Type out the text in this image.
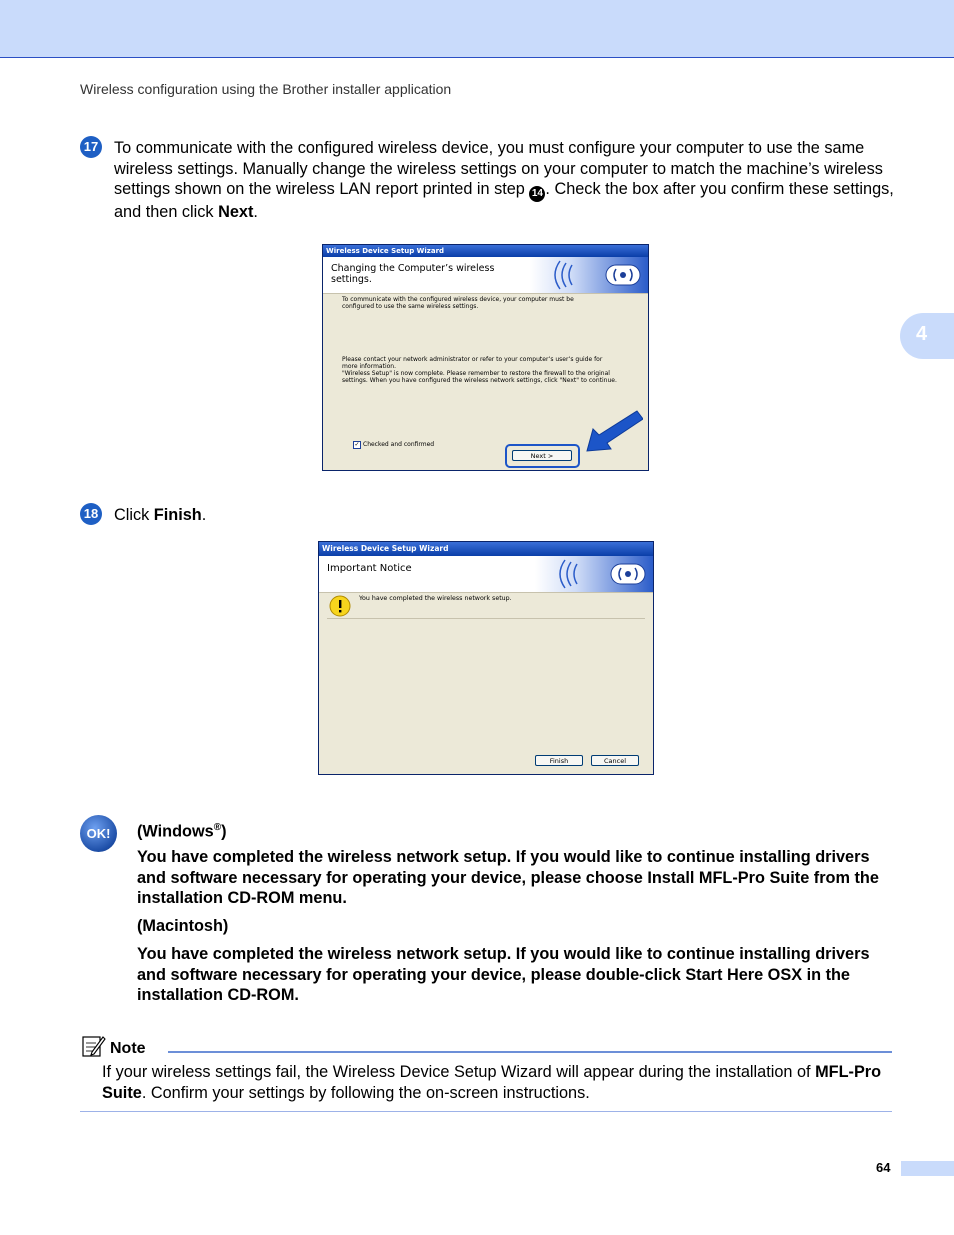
Wireless configuration using the Brother installer application
4
17 To communicate with the configured wireless device, you must configure your computer to use the same wireless settings. Manually change the wireless settings on your computer to match the machine’s wireless settings shown on the wireless LAN report printed in step 14 . Check the box after you confirm these settings, and then click Next.
Wireless Device Setup Wizard
Changing the Computer’s wireless settings.
To communicate with the configured wireless device, your computer must be configured to use the same wireless settings.
Please contact your network administrator or refer to your computer’s user’s guide for more information.
"Wireless Setup" is now complete. Please remember to restore the firewall to the original settings. When you have configured the wireless network settings, click "Next" to continue.
✓ Checked and confirmed
Next >
18 Click Finish.
Wireless Device Setup Wizard
Important Notice
You have completed the wireless network setup.
Finish	Cancel
OK!	(Windows®)
You have completed the wireless network setup. If you would like to continue installing drivers and software necessary for operating your device, please choose Install MFL-Pro Suite from the installation CD-ROM menu.
(Macintosh)
You have completed the wireless network setup. If you would like to continue installing drivers and software necessary for operating your device, please double-click Start Here OSX in the installation CD-ROM.
Note
If your wireless settings fail, the Wireless Device Setup Wizard will appear during the installation of MFL-Pro Suite. Confirm your settings by following the on-screen instructions.
64
